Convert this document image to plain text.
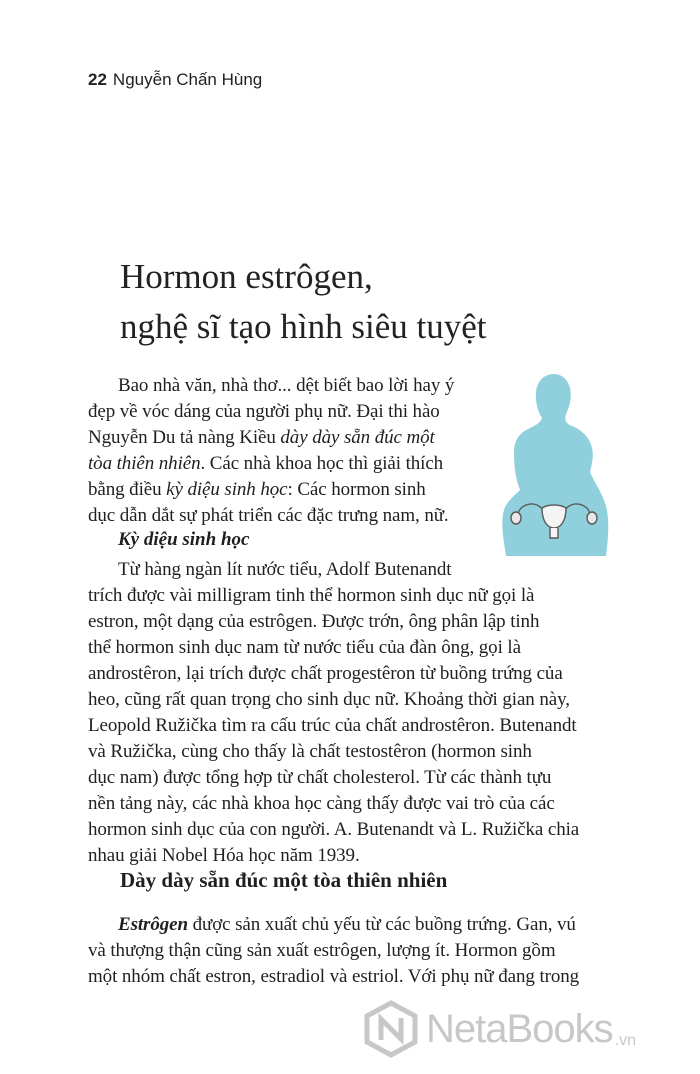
22 Nguyễn Chấn Hùng
Hormon estrôgen,
nghệ sĩ tạo hình siêu tuyệt
Bao nhà văn, nhà thơ... dệt biết bao lời hay ý
đẹp về vóc dáng của người phụ nữ. Đại thi hào
Nguyễn Du tả nàng Kiều dày dày sẵn đúc một
tòa thiên nhiên. Các nhà khoa học thì giải thích
bằng điều kỳ diệu sinh học: Các hormon sinh
dục dẫn dắt sự phát triển các đặc trưng nam, nữ.
Kỳ diệu sinh học
Từ hàng ngàn lít nước tiểu, Adolf Butenandt
trích được vài milligram tinh thể hormon sinh dục nữ gọi là
estron, một dạng của estrôgen. Được trớn, ông phân lập tinh
thể hormon sinh dục nam từ nước tiểu của đàn ông, gọi là
androstêron, lại trích được chất progestêron từ buồng trứng của
heo, cũng rất quan trọng cho sinh dục nữ. Khoảng thời gian này,
Leopold Ružička tìm ra cấu trúc của chất androstêron. Butenandt
và Ružička, cùng cho thấy là chất testostêron (hormon sinh
dục nam) được tổng hợp từ chất cholesterol. Từ các thành tựu
nền tảng này, các nhà khoa học càng thấy được vai trò của các
hormon sinh dục của con người. A. Butenandt và L. Ružička chia
nhau giải Nobel Hóa học năm 1939.
Dày dày sẵn đúc một tòa thiên nhiên
Estrôgen được sản xuất chủ yếu từ các buồng trứng. Gan, vú
và thượng thận cũng sản xuất estrôgen, lượng ít. Hormon gồm
một nhóm chất estron, estradiol và estriol. Với phụ nữ đang trong
NetaBooks .vn
